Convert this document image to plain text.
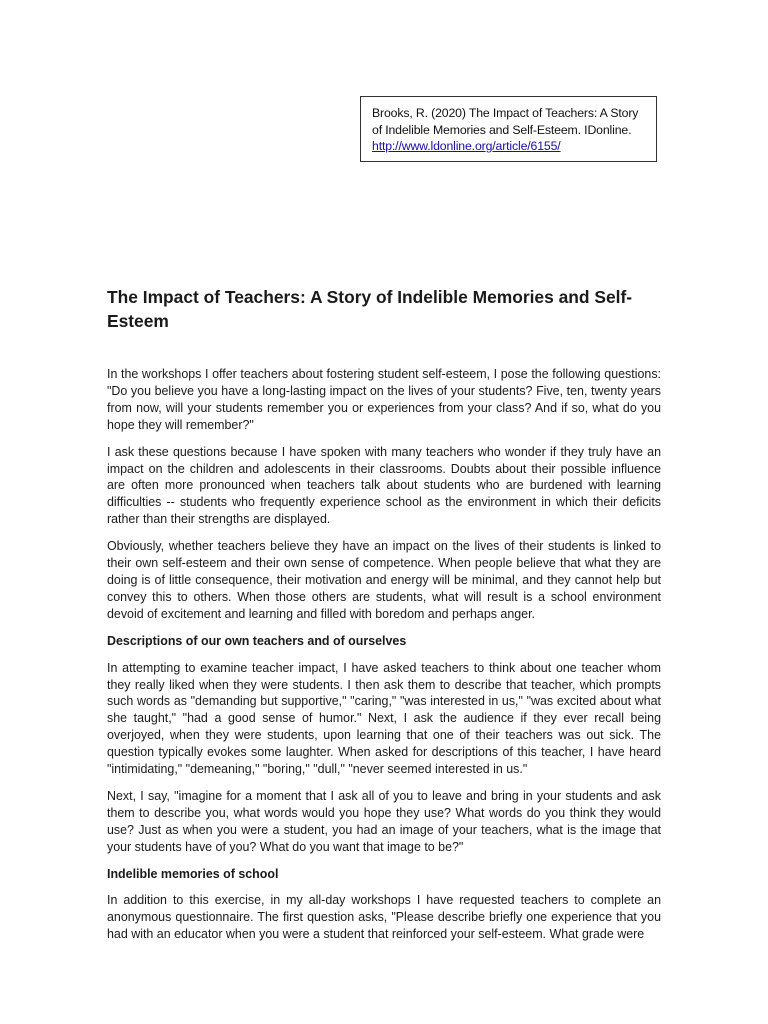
Brooks, R. (2020) The Impact of Teachers: A Story
of Indelible Memories and Self-Esteem. IDonline.
http://www.ldonline.org/article/6155/
The Impact of Teachers: A Story of Indelible Memories and Self-Esteem

In the workshops I offer teachers about fostering student self-esteem, I pose the following questions: "Do you believe you have a long-lasting impact on the lives of your students? Five, ten, twenty years from now, will your students remember you or experiences from your class? And if so, what do you hope they will remember?"

I ask these questions because I have spoken with many teachers who wonder if they truly have an impact on the children and adolescents in their classrooms. Doubts about their possible influence are often more pronounced when teachers talk about students who are burdened with learning difficulties -- students who frequently experience school as the environment in which their deficits rather than their strengths are displayed.

Obviously, whether teachers believe they have an impact on the lives of their students is linked to their own self-esteem and their own sense of competence. When people believe that what they are doing is of little consequence, their motivation and energy will be minimal, and they cannot help but convey this to others. When those others are students, what will result is a school environment devoid of excitement and learning and filled with boredom and perhaps anger.

Descriptions of our own teachers and of ourselves

In attempting to examine teacher impact, I have asked teachers to think about one teacher whom they really liked when they were students. I then ask them to describe that teacher, which prompts such words as "demanding but supportive," "caring," "was interested in us," "was excited about what she taught," "had a good sense of humor." Next, I ask the audience if they ever recall being overjoyed, when they were students, upon learning that one of their teachers was out sick. The question typically evokes some laughter. When asked for descriptions of this teacher, I have heard "intimidating," "demeaning," "boring," "dull," "never seemed interested in us."

Next, I say, "imagine for a moment that I ask all of you to leave and bring in your students and ask them to describe you, what words would you hope they use? What words do you think they would use? Just as when you were a student, you had an image of your teachers, what is the image that your students have of you? What do you want that image to be?"

Indelible memories of school

In addition to this exercise, in my all-day workshops I have requested teachers to complete an anonymous questionnaire. The first question asks, "Please describe briefly one experience that you had with an educator when you were a student that reinforced your self-esteem. What grade were
